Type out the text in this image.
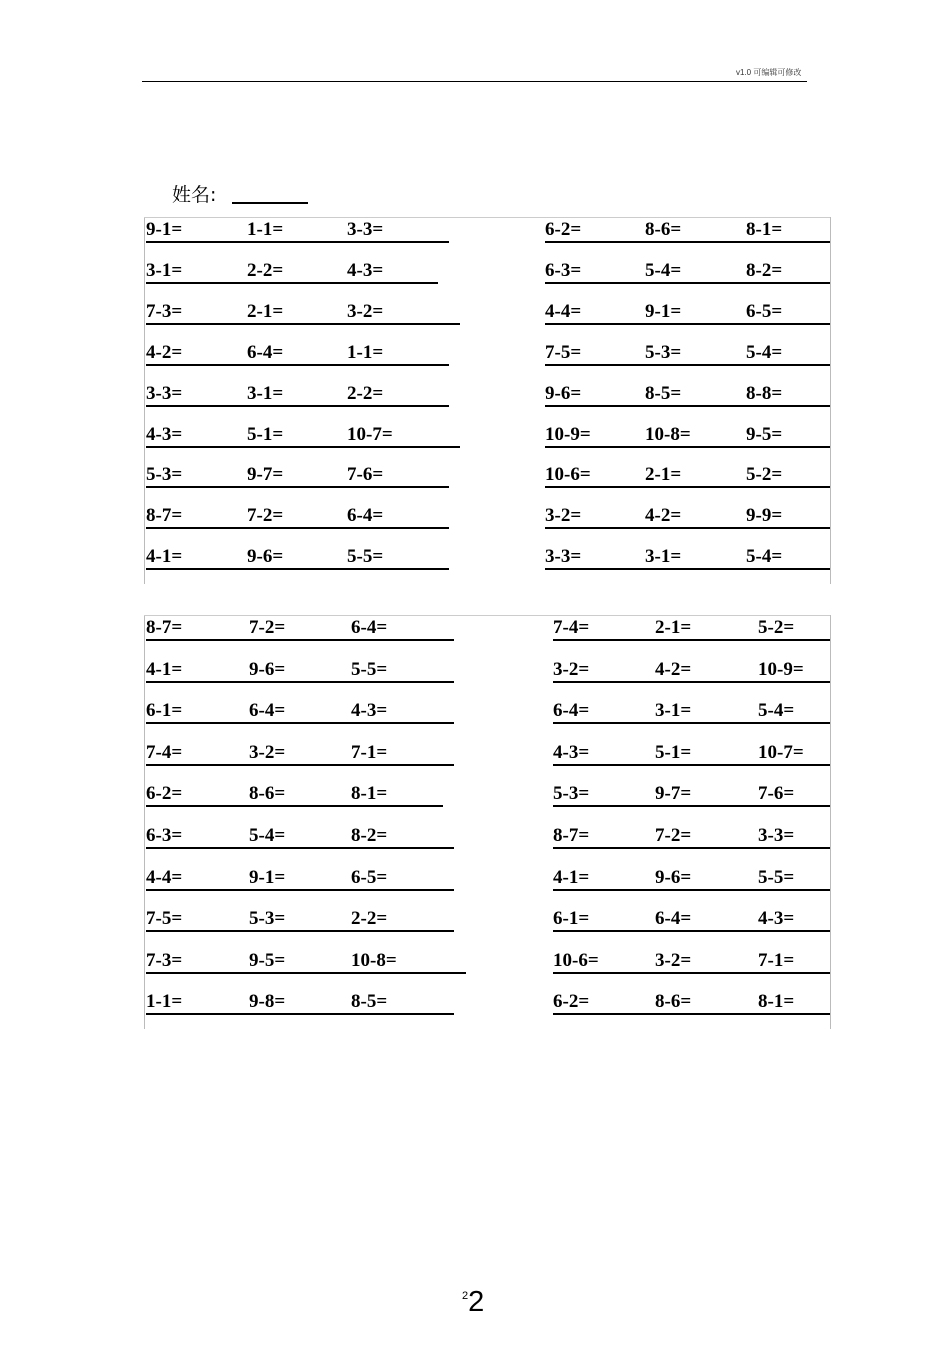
v1.0 可编辑可修改
姓名:
9-1=	1-1=	3-3=
3-1=	2-2=	4-3=
7-3=	2-1=	3-2=
4-2=	6-4=	1-1=
3-3=	3-1=	2-2=
4-3=	5-1=	10-7=
5-3=	9-7=	7-6=
8-7=	7-2=	6-4=
4-1=	9-6=	5-5=
6-2=	8-6=	8-1=
6-3=	5-4=	8-2=
4-4=	9-1=	6-5=
7-5=	5-3=	5-4=
9-6=	8-5=	8-8=
10-9=	10-8=	9-5=
10-6=	2-1=	5-2=
3-2=	4-2=	9-9=
3-3=	3-1=	5-4=
8-7=	7-2=	6-4=
4-1=	9-6=	5-5=
6-1=	6-4=	4-3=
7-4=	3-2=	7-1=
6-2=	8-6=	8-1=
6-3=	5-4=	8-2=
4-4=	9-1=	6-5=
7-5=	5-3=	2-2=
7-3=	9-5=	10-8=
1-1=	9-8=	8-5=
7-4=	2-1=	5-2=
3-2=	4-2=	10-9=
6-4=	3-1=	5-4=
4-3=	5-1=	10-7=
5-3=	9-7=	7-6=
8-7=	7-2=	3-3=
4-1=	9-6=	5-5=
6-1=	6-4=	4-3=
10-6=	3-2=	7-1=
6-2=	8-6=	8-1=
$^2$2
